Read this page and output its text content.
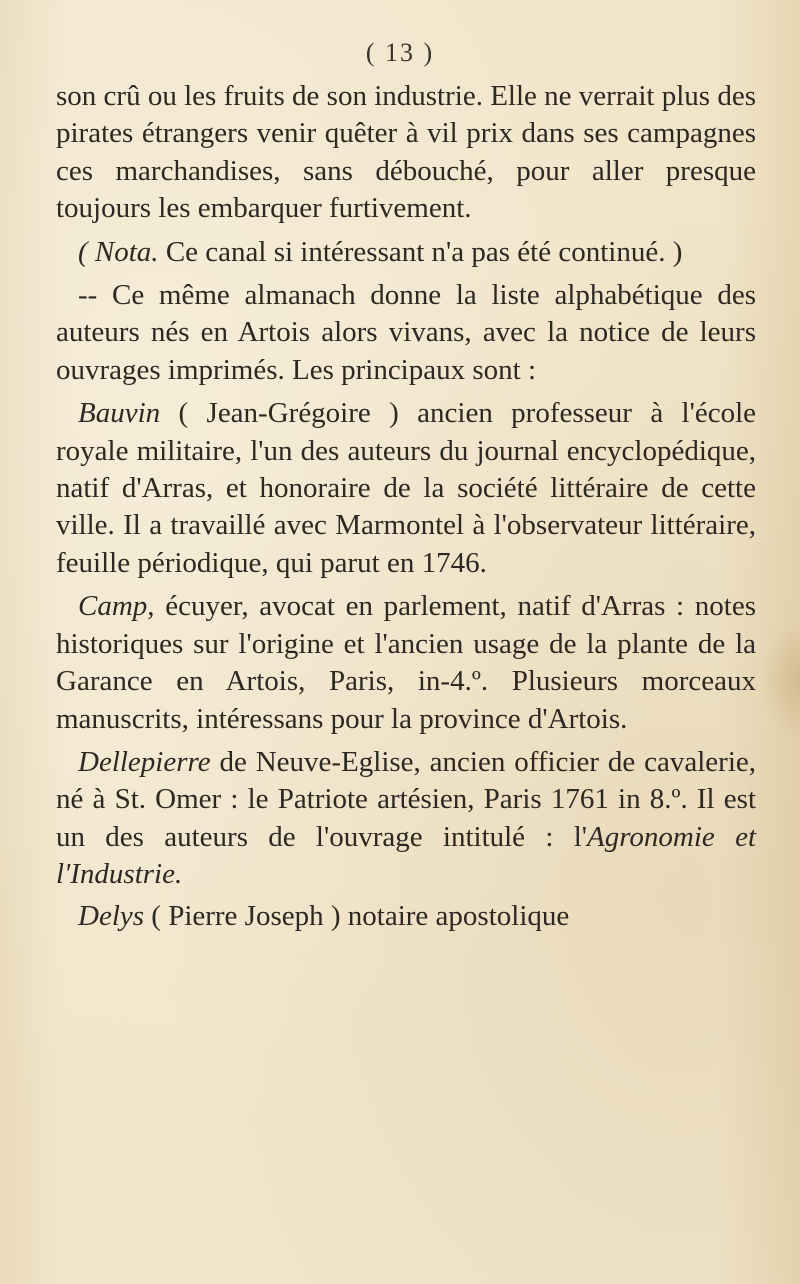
( 13 )

son crû ou les fruits de son industrie. Elle ne verrait plus des pirates étrangers venir quêter à vil prix dans ses campagnes ces marchandises, sans débouché, pour aller presque toujours les embarquer furtivement.

( Nota. Ce canal si intéressant n'a pas été continué. )

-- Ce même almanach donne la liste alphabétique des auteurs nés en Artois alors vivans, avec la notice de leurs ouvrages imprimés. Les principaux sont :

Bauvin ( Jean-Grégoire ) ancien professeur à l'école royale militaire, l'un des auteurs du journal encyclopédique, natif d'Arras, et honoraire de la société littéraire de cette ville. Il a travaillé avec Marmontel à l'observateur littéraire, feuille périodique, qui parut en 1746.

Camp, écuyer, avocat en parlement, natif d'Arras : notes historiques sur l'origine et l'ancien usage de la plante de la Garance en Artois, Paris, in-4.º. Plusieurs morceaux manuscrits, intéressans pour la province d'Artois.

Dellepierre de Neuve-Eglise, ancien officier de cavalerie, né à St. Omer : le Patriote artésien, Paris 1761 in 8.º. Il est un des auteurs de l'ouvrage intitulé : l'Agronomie et l'Industrie.

Delys ( Pierre Joseph ) notaire apostolique
